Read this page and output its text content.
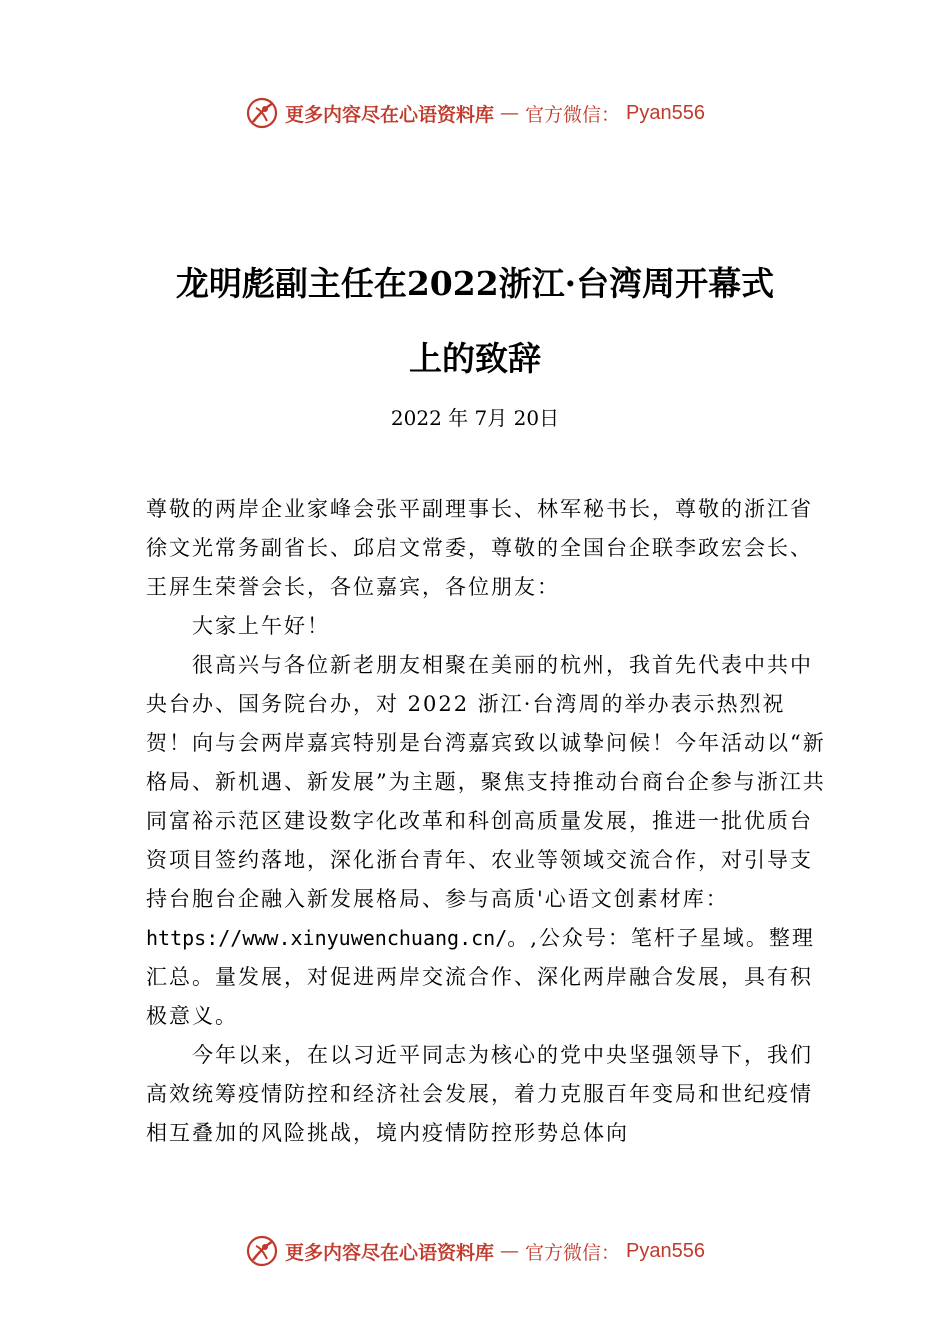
更多内容尽在心语资料库 — 官方微信： Pyan556
龙明彪副主任在2022浙江·台湾周开幕式
上的致辞
2022 年 7月 20日

尊敬的两岸企业家峰会张平副理事长、林军秘书长，尊敬的浙江省徐文光常务副省长、邱启文常委，尊敬的全国台企联李政宏会长、王屏生荣誉会长，各位嘉宾，各位朋友：

大家上午好！

很高兴与各位新老朋友相聚在美丽的杭州，我首先代表中共中央台办、国务院台办，对 2022 浙江·台湾周的举办表示热烈祝贺！向与会两岸嘉宾特别是台湾嘉宾致以诚挚问候！今年活动以“新格局、新机遇、新发展”为主题，聚焦支持推动台商台企参与浙江共同富裕示范区建设数字化改革和科创高质量发展，推进一批优质台资项目签约落地，深化浙台青年、农业等领域交流合作，对引导支持台胞台企融入新发展格局、参与高质'心语文创素材库：https://www.xinyuwenchuang.cn/。,公众号：笔杆子星域。整理汇总。量发展，对促进两岸交流合作、深化两岸融合发展，具有积极意义。

今年以来，在以习近平同志为核心的党中央坚强领导下，我们高效统筹疫情防控和经济社会发展，着力克服百年变局和世纪疫情相互叠加的风险挑战，境内疫情防控形势总体向

更多内容尽在心语资料库 — 官方微信： Pyan556
